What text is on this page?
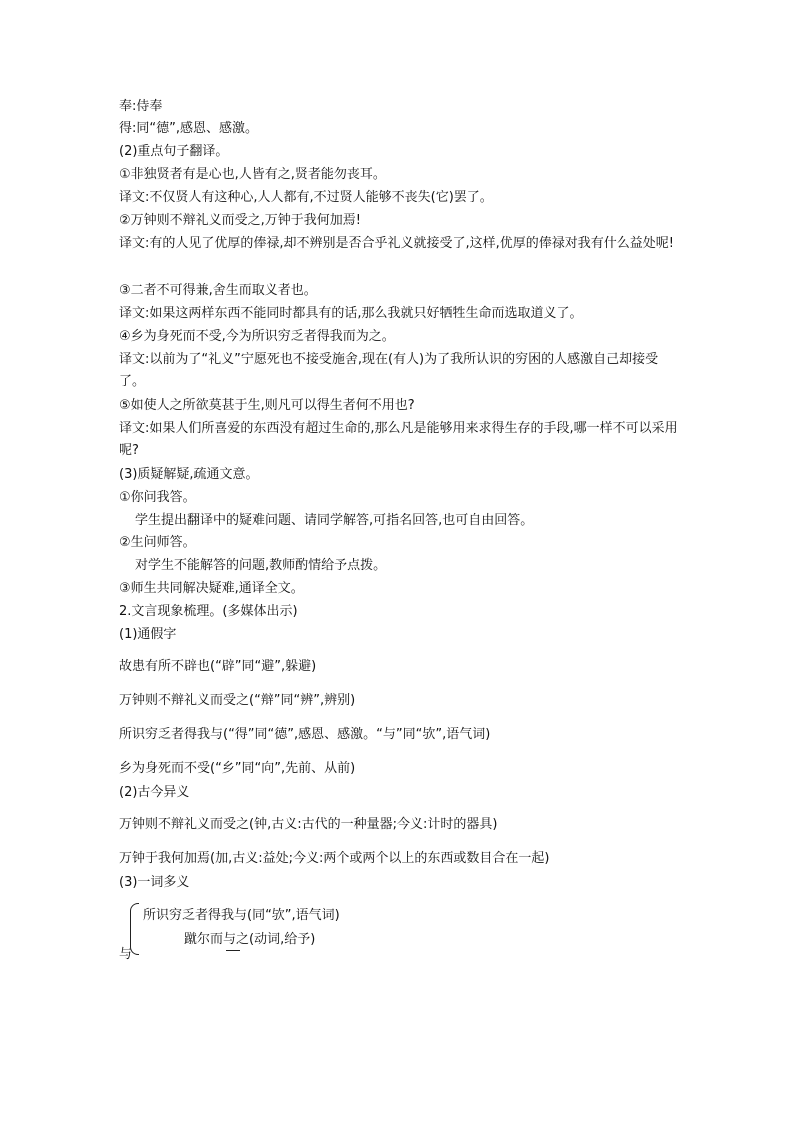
奉:侍奉
得:同“德”,感恩、感激。
(2)重点句子翻译。
①非独贤者有是心也,人皆有之,贤者能勿丧耳。
译文:不仅贤人有这种心,人人都有,不过贤人能够不丧失(它)罢了。
②万钟则不辩礼义而受之,万钟于我何加焉!
译文:有的人见了优厚的俸禄,却不辨别是否合乎礼义就接受了,这样,优厚的俸禄对我有什么益处呢!
③二者不可得兼,舍生而取义者也。
译文:如果这两样东西不能同时都具有的话,那么我就只好牺牲生命而选取道义了。
④乡为身死而不受,今为所识穷乏者得我而为之。
译文:以前为了“礼义”宁愿死也不接受施舍,现在(有人)为了我所认识的穷困的人感激自己却接受了。
⑤如使人之所欲莫甚于生,则凡可以得生者何不用也?
译文:如果人们所喜爱的东西没有超过生命的,那么凡是能够用来求得生存的手段,哪一样不可以采用呢?
(3)质疑解疑,疏通文意。
①你问我答。
学生提出翻译中的疑难问题、请同学解答,可指名回答,也可自由回答。
②生问师答。
对学生不能解答的问题,教师酌情给予点拨。
③师生共同解决疑难,通译全文。
2.文言现象梳理。(多媒体出示)
(1)通假字
故患有所不辟也(“辟”同“避”,躲避)
万钟则不辩礼义而受之(“辩”同“辨”,辨别)
所识穷乏者得我与(“得”同“德”,感恩、感激。“与”同“欤”,语气词)
乡为身死而不受(“乡”同“向”,先前、从前)
(2)古今异义
万钟则不辩礼义而受之(钟,古义:古代的一种量器;今义:计时的器具)
万钟于我何加焉(加,古义:益处;今义:两个或两个以上的东西或数目合在一起)
(3)一词多义
所识穷乏者得我与(同“欤”,语气词)
蹴尔而与之(动词,给予)
与
